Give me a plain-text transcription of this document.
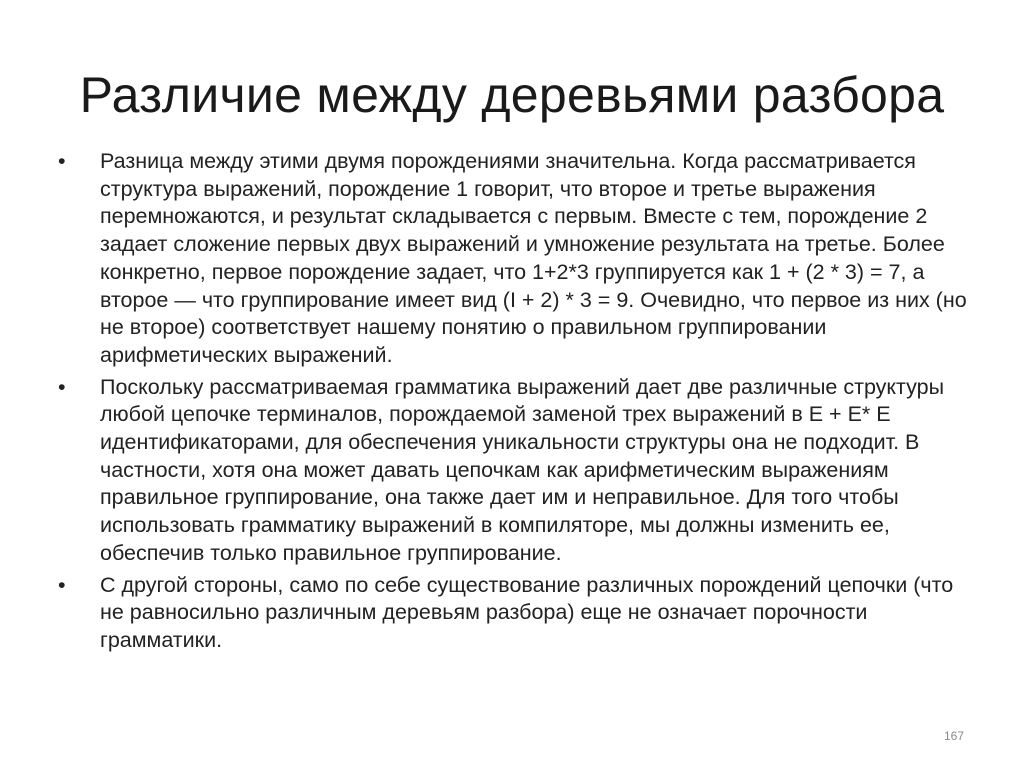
Различие между деревьями разбора
•	Разница между этими двумя порождениями значительна. Когда рассматривается структура выражений, порождение 1 говорит, что второе и третье выражения перемножаются, и результат складывается с первым. Вместе с тем, порождение 2 задает сложение первых двух выражений и умножение результата на третье. Более конкретно, первое порождение задает, что 1+2*3 группируется как 1 + (2 * 3) = 7, а второе — что группирование имеет вид (I + 2) * 3 = 9. Очевидно, что первое из них (но не второе) соответствует нашему понятию о правильном группировании арифметических выражений.
•	Поскольку рассматриваемая грамматика выражений дает две различные структуры любой цепочке терминалов, порождаемой заменой трех выражений в E + E* E идентификаторами, для обеспечения уникальности структуры она не подходит. В частности, хотя она может давать цепочкам как арифметическим выражениям правильное группирование, она также дает им и неправильное. Для того чтобы использовать грамматику выражений в компиляторе, мы должны изменить ее, обеспечив только правильное группирование.
•	С другой стороны, само по себе существование различных порождений цепочки (что не равносильно различным деревьям разбора) еще не означает порочности грамматики.
167
